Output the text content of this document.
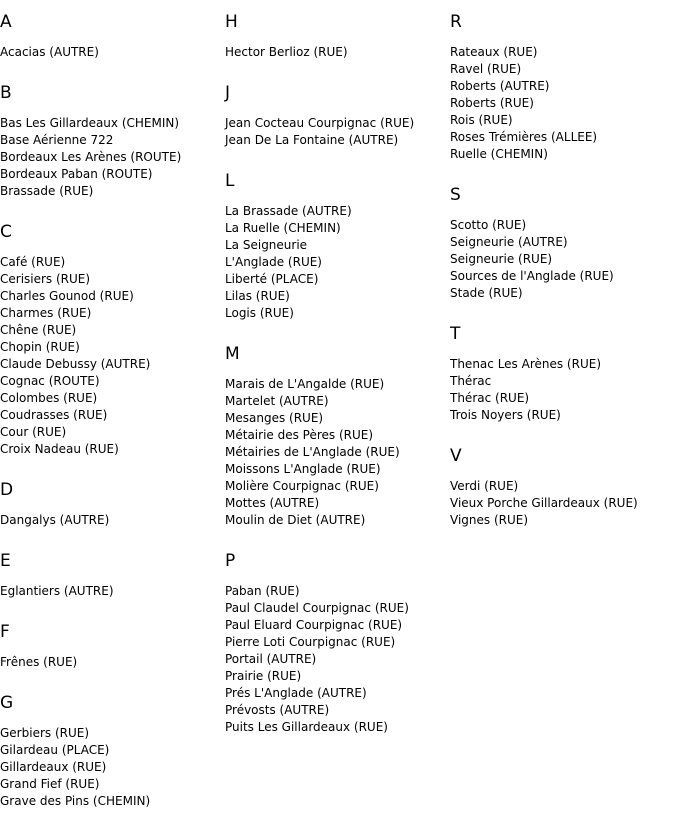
A
Acacias (AUTRE)
B
Bas Les Gillardeaux (CHEMIN)
Base Aérienne 722
Bordeaux Les Arènes (ROUTE)
Bordeaux Paban (ROUTE)
Brassade (RUE)
C
Café (RUE)
Cerisiers (RUE)
Charles Gounod (RUE)
Charmes (RUE)
Chêne (RUE)
Chopin (RUE)
Claude Debussy (AUTRE)
Cognac (ROUTE)
Colombes (RUE)
Coudrasses (RUE)
Cour (RUE)
Croix Nadeau (RUE)
D
Dangalys (AUTRE)
E
Eglantiers (AUTRE)
F
Frênes (RUE)
G
Gerbiers (RUE)
Gilardeau (PLACE)
Gillardeaux (RUE)
Grand Fief (RUE)
Grave des Pins (CHEMIN)
H
Hector Berlioz (RUE)
J
Jean Cocteau Courpignac (RUE)
Jean De La Fontaine (AUTRE)
L
La Brassade (AUTRE)
La Ruelle (CHEMIN)
La Seigneurie
L'Anglade (RUE)
Liberté (PLACE)
Lilas (RUE)
Logis (RUE)
M
Marais de L'Angalde (RUE)
Martelet (AUTRE)
Mesanges (RUE)
Métairie des Pères (RUE)
Métairies de L'Anglade (RUE)
Moissons L'Anglade (RUE)
Molière Courpignac (RUE)
Mottes (AUTRE)
Moulin de Diet (AUTRE)
P
Paban (RUE)
Paul Claudel Courpignac (RUE)
Paul Eluard Courpignac (RUE)
Pierre Loti Courpignac (RUE)
Portail (AUTRE)
Prairie (RUE)
Prés L'Anglade (AUTRE)
Prévosts (AUTRE)
Puits Les Gillardeaux (RUE)
R
Rateaux (RUE)
Ravel (RUE)
Roberts (AUTRE)
Roberts (RUE)
Rois (RUE)
Roses Trémières (ALLEE)
Ruelle (CHEMIN)
S
Scotto (RUE)
Seigneurie (AUTRE)
Seigneurie (RUE)
Sources de l'Anglade (RUE)
Stade (RUE)
T
Thenac Les Arènes (RUE)
Thérac
Thérac (RUE)
Trois Noyers (RUE)
V
Verdi (RUE)
Vieux Porche Gillardeaux (RUE)
Vignes (RUE)
